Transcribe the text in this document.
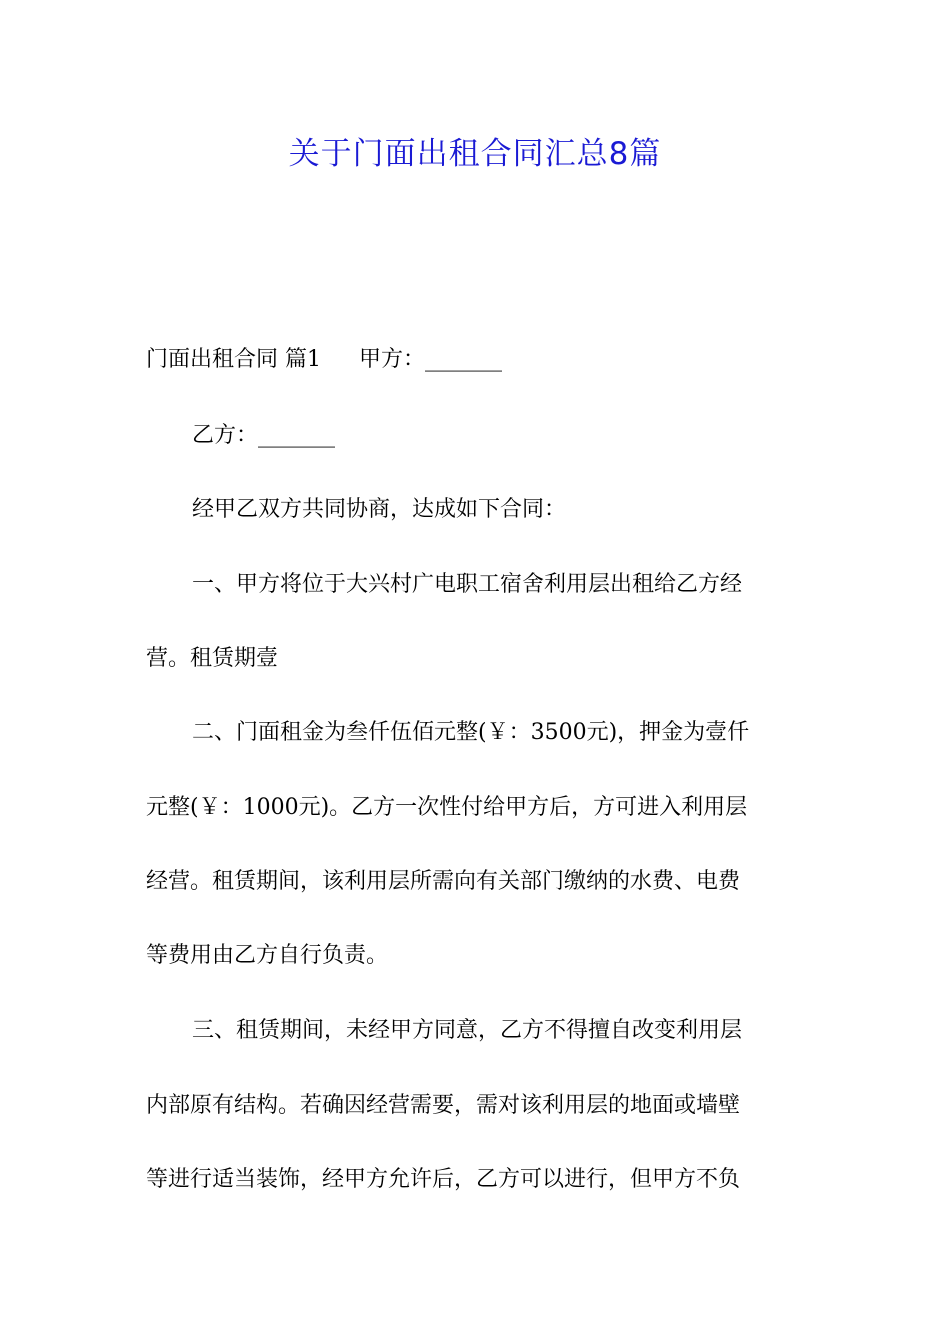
关于门面出租合同汇总8篇
门面出租合同 篇1 甲方：_______
乙方：_______
经甲乙双方共同协商，达成如下合同：
一、甲方将位于大兴村广电职工宿舍利用层出租给乙方经
营。租赁期壹
二、门面租金为叁仟伍佰元整(￥：3500元)，押金为壹仟
元整(￥：1000元)。乙方一次性付给甲方后，方可进入利用层
经营。租赁期间，该利用层所需向有关部门缴纳的水费、电费
等费用由乙方自行负责。
三、租赁期间，未经甲方同意，乙方不得擅自改变利用层
内部原有结构。若确因经营需要，需对该利用层的地面或墙壁
等进行适当装饰，经甲方允许后，乙方可以进行，但甲方不负
